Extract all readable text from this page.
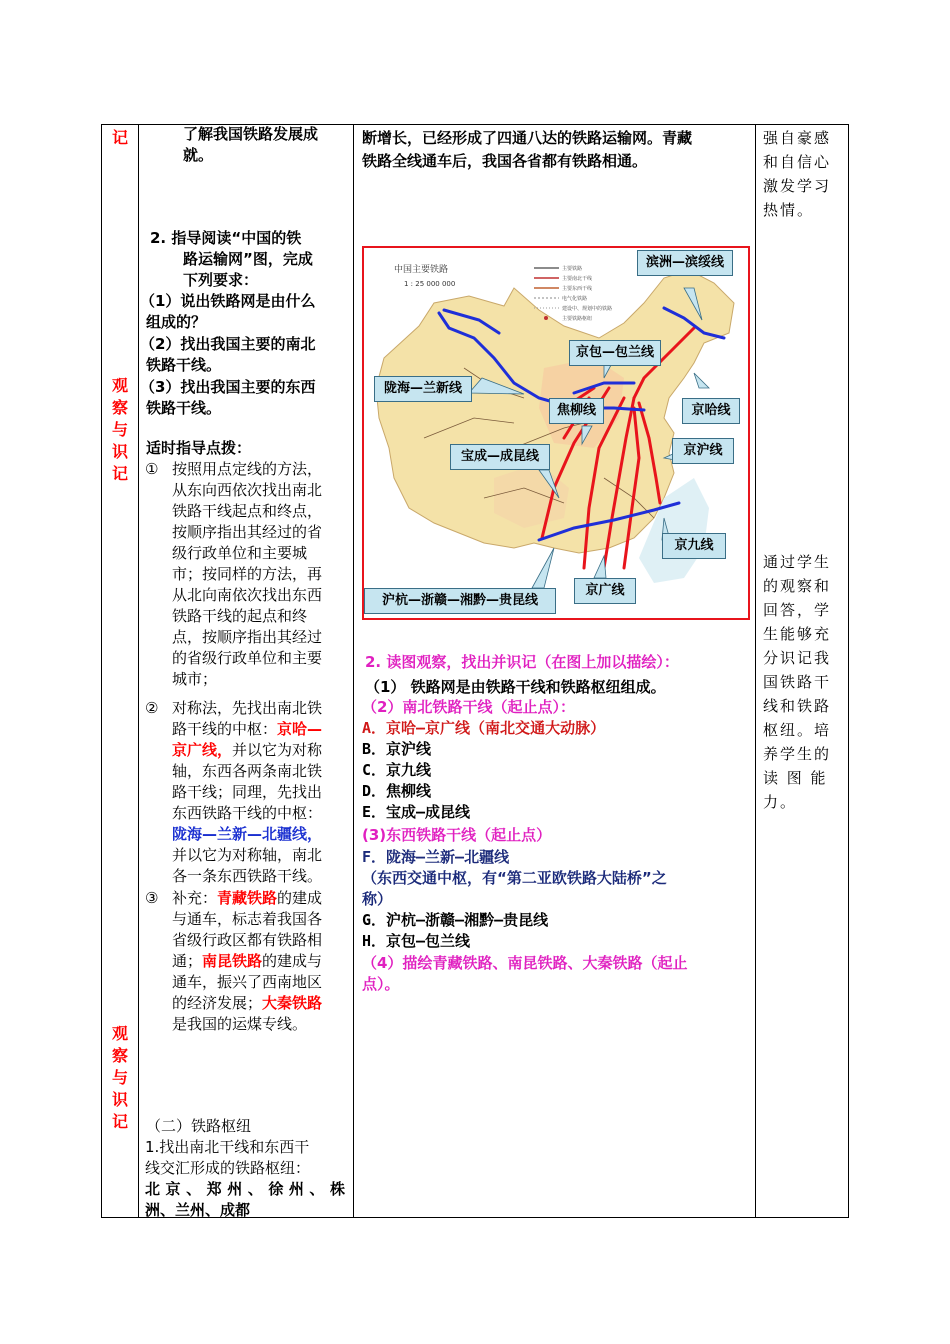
记
观
察
与
识
记
观
察
与
识
记
了解我国铁路发展成
就。
2. 指导阅读“中国的铁
路运输网”图，完成
下列要求：
（1）说出铁路网是由什么
组成的？
（2）找出我国主要的南北
铁路干线。
（3）找出我国主要的东西
铁路干线。
适时指导点拨：
① 按照用点定线的方法，
从东向西依次找出南北
铁路干线起点和终点，
按顺序指出其经过的省
级行政单位和主要城
市；按同样的方法，再
从北向南依次找出东西
铁路干线的起点和终
点，按顺序指出其经过
的省级行政单位和主要
城市；
② 对称法，先找出南北铁
路干线的中枢：京哈—
京广线，并以它为对称
轴，东西各两条南北铁
路干线；同理，先找出
东西铁路干线的中枢：
陇海—兰新—北疆线，
并以它为对称轴，南北
各一条东西铁路干线。
③ 补充：青藏铁路的建成
与通车，标志着我国各
省级行政区都有铁路相
通；南昆铁路的建成与
通车，振兴了西南地区
的经济发展；大秦铁路
是我国的运煤专线。
（二）铁路枢纽
1.找出南北干线和东西干
线交汇形成的铁路枢纽：
北京、郑州、徐州、株
洲、兰州、成都
断增长，已经形成了四通八达的铁路运输网。青藏
铁路全线通车后，我国各省都有铁路相通。
中国主要铁路
1 : 25 000 000
主要铁路
主要南北干线
主要东西干线
电气化铁路
建设中、规划中的铁路
主要铁路枢纽
滨洲—滨绥线
京包—包兰线
陇海—兰新线
焦柳线	京哈线
京沪线
宝成—成昆线
京九线
沪杭—浙赣—湘黔—贵昆线
京广线
2. 读图观察，找出并识记（在图上加以描绘）：
（1） 铁路网是由铁路干线和铁路枢纽组成。
（2）南北铁路干线（起止点）：
A．京哈—京广线（南北交通大动脉）
B．京沪线
C．京九线
D．焦柳线
E．宝成—成昆线
(3)东西铁路干线（起止点）
F．陇海—兰新—北疆线
（东西交通中枢，有“第二亚欧铁路大陆桥”之
称）
G．沪杭—浙赣—湘黔—贵昆线
H．京包—包兰线
（4）描绘青藏铁路、南昆铁路、大秦铁路（起止
点）。
强自豪感
和自信心
激发学习
热情。
通过学生
的观察和
回答，学
生能够充
分识记我
国铁路干
线和铁路
枢纽。培
养学生的
读 图 能
力。
